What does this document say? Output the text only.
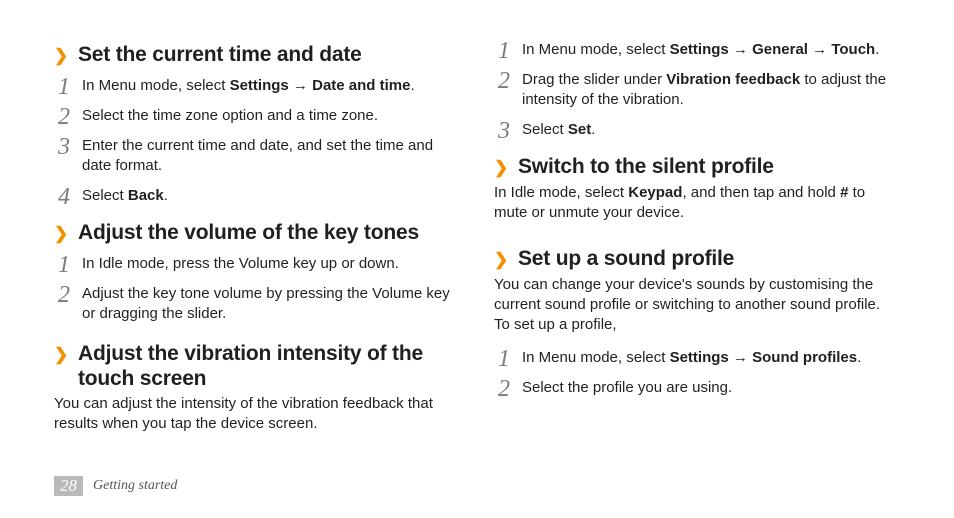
❯ Set the current time and date
1 In Menu mode, select Settings → Date and time.
2 Select the time zone option and a time zone.
3 Enter the current time and date, and set the time and date format.
4 Select Back.
❯ Adjust the volume of the key tones
1 In Idle mode, press the Volume key up or down.
2 Adjust the key tone volume by pressing the Volume key or dragging the slider.
❯ Adjust the vibration intensity of the touch screen

You can adjust the intensity of the vibration feedback that results when you tap the device screen.

1 In Menu mode, select Settings → General → Touch.
2 Drag the slider under Vibration feedback to adjust the intensity of the vibration.
3 Select Set.
❯ Switch to the silent profile

In Idle mode, select Keypad, and then tap and hold # to mute or unmute your device.

❯ Set up a sound profile

You can change your device's sounds by customising the current sound profile or switching to another sound profile. To set up a profile,

1 In Menu mode, select Settings → Sound profiles.
2 Select the profile you are using.
28	Getting started
